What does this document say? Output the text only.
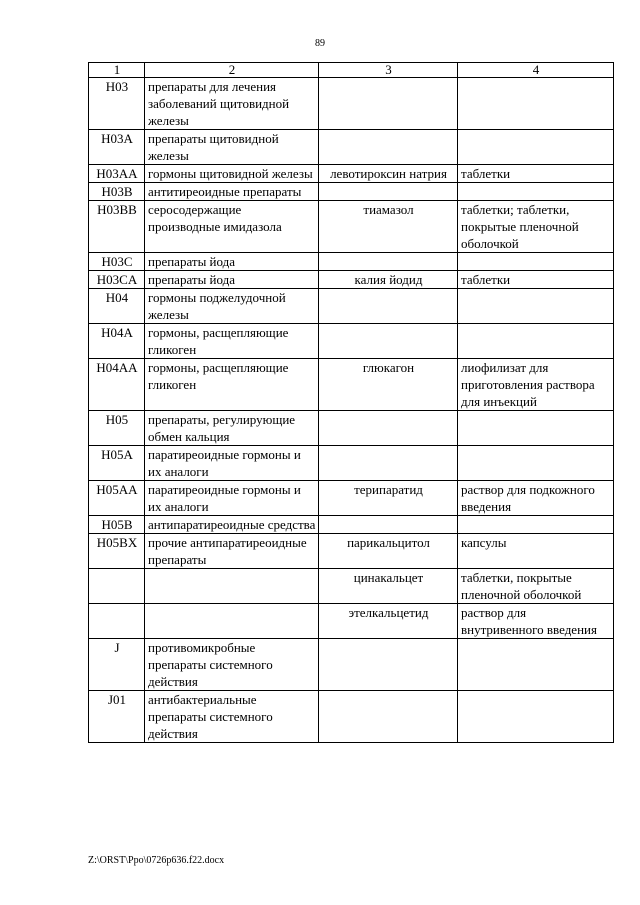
89
1	2	3	4
H03	препараты для лечения заболеваний щитовидной железы		
H03A	препараты щитовидной железы		
H03AA	гормоны щитовидной железы	левотироксин натрия	таблетки
H03B	антитиреоидные препараты		
H03BB	серосодержащие производные имидазола	тиамазол	таблетки; таблетки, покрытые пленочной оболочкой
H03C	препараты йода		
H03CA	препараты йода	калия йодид	таблетки
H04	гормоны поджелудочной железы		
H04A	гормоны, расщепляющие гликоген		
H04AA	гормоны, расщепляющие гликоген	глюкагон	лиофилизат для приготовления раствора для инъекций
H05	препараты, регулирующие обмен кальция		
H05A	паратиреоидные гормоны и их аналоги		
H05AA	паратиреоидные гормоны и их аналоги	терипаратид	раствор для подкожного введения
H05B	антипаратиреоидные средства		
H05BX	прочие антипаратиреоидные препараты	парикальцитол	капсулы
		цинакальцет	таблетки, покрытые пленочной оболочкой
		этелкальцетид	раствор для внутривенного введения
J	противомикробные препараты системного действия		
J01	антибактериальные препараты системного действия		
Z:\ORST\Ppo\0726p636.f22.docx
